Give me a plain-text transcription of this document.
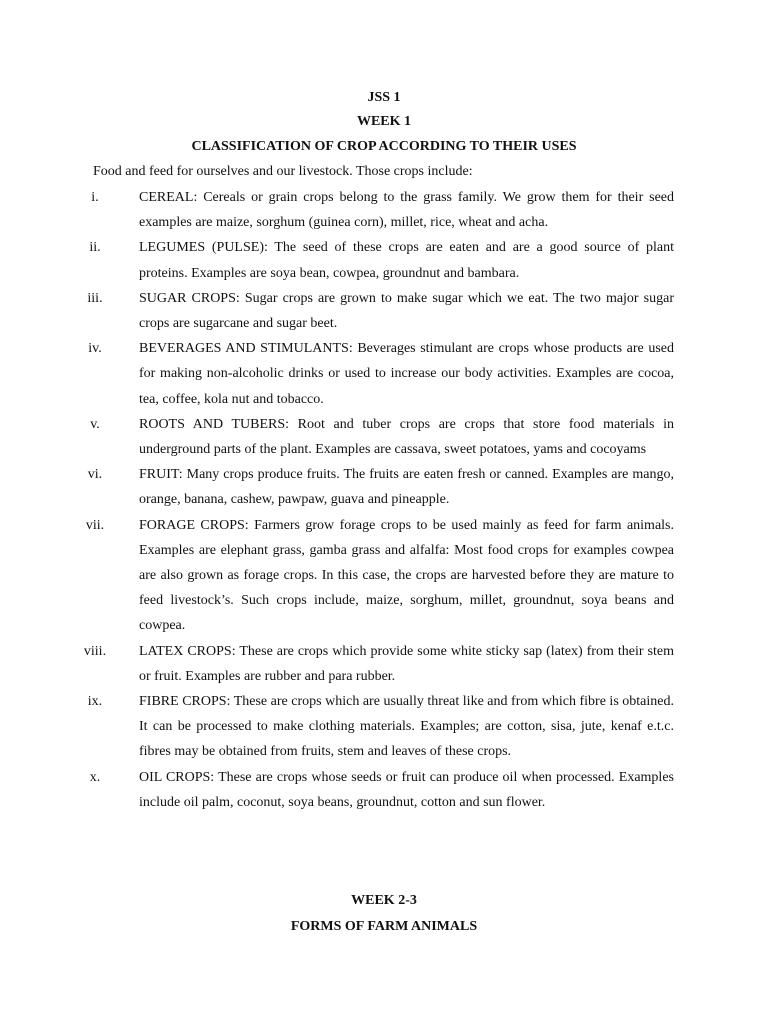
JSS 1
WEEK 1
CLASSIFICATION OF CROP ACCORDING TO THEIR USES
Food and feed for ourselves and our livestock. Those crops include:
i.	CEREAL: Cereals or grain crops belong to the grass family. We grow them for their seed examples are maize, sorghum (guinea corn), millet, rice, wheat and acha.
ii.	LEGUMES (PULSE): The seed of these crops are eaten and are a good source of plant proteins. Examples are soya bean, cowpea, groundnut and bambara.
iii.	SUGAR CROPS: Sugar crops are grown to make sugar which we eat. The two major sugar crops are sugarcane and sugar beet.
iv.	BEVERAGES AND STIMULANTS: Beverages stimulant are crops whose products are used for making non-alcoholic drinks or used to increase our body activities. Examples are cocoa, tea, coffee, kola nut and tobacco.
v.	ROOTS AND TUBERS: Root and tuber crops are crops that store food materials in underground parts of the plant. Examples are cassava, sweet potatoes, yams and cocoyams
vi.	FRUIT: Many crops produce fruits. The fruits are eaten fresh or canned. Examples are mango, orange, banana, cashew, pawpaw, guava and pineapple.
vii.	FORAGE CROPS: Farmers grow forage crops to be used mainly as feed for farm animals. Examples are elephant grass, gamba grass and alfalfa: Most food crops for examples cowpea are also grown as forage crops. In this case, the crops are harvested before they are mature to feed livestock’s. Such crops include, maize, sorghum, millet, groundnut, soya beans and cowpea.
viii.	LATEX CROPS: These are crops which provide some white sticky sap (latex) from their stem or fruit. Examples are rubber and para rubber.
ix.	FIBRE CROPS: These are crops which are usually threat like and from which fibre is obtained. It can be processed to make clothing materials. Examples; are cotton, sisa, jute, kenaf e.t.c. fibres may be obtained from fruits, stem and leaves of these crops.
x.	OIL CROPS: These are crops whose seeds or fruit can produce oil when processed. Examples include oil palm, coconut, soya beans, groundnut, cotton and sun flower.
WEEK 2-3
FORMS OF FARM ANIMALS
